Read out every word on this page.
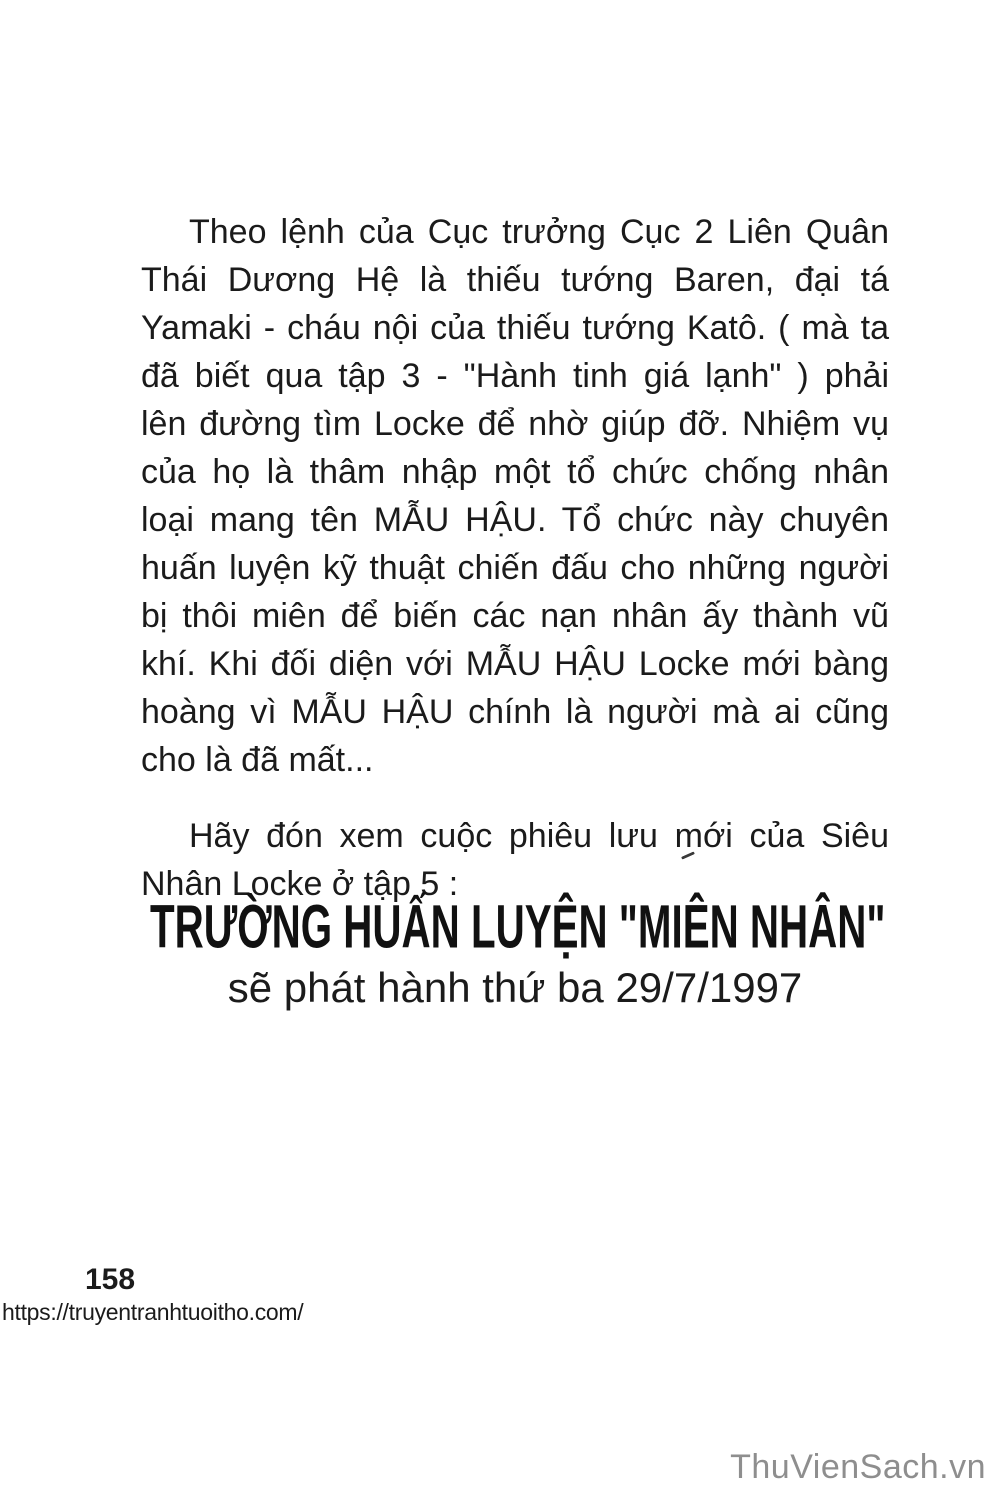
Theo lệnh của Cục trưởng Cục 2 Liên Quân
Thái Dương Hệ là thiếu tướng Baren, đại tá
Yamaki - cháu nội của thiếu tướng Katô. ( mà ta
đã biết qua tập 3 - "Hành tinh giá lạnh" ) phải
lên đường tìm Locke để nhờ giúp đỡ. Nhiệm vụ
của họ là thâm nhập một tổ chức chống nhân
loại mang tên MẪU HẬU. Tổ chức này chuyên
huấn luyện kỹ thuật chiến đấu cho những người
bị thôi miên để biến các nạn nhân ấy thành vũ
khí. Khi đối diện với MẪU HẬU Locke mới bàng
hoàng vì MẪU HẬU chính là người mà ai cũng
cho là đã mất...
Hãy đón xem cuộc phiêu lưu mới của Siêu
Nhân Locke ở tập 5 :
TRƯỜNG HUẤN LUYỆN "MIÊN NHÂN"
sẽ phát hành thứ ba 29/7/1997
158
https://truyentranhtuoitho.com/
ThuVienSach.vn
